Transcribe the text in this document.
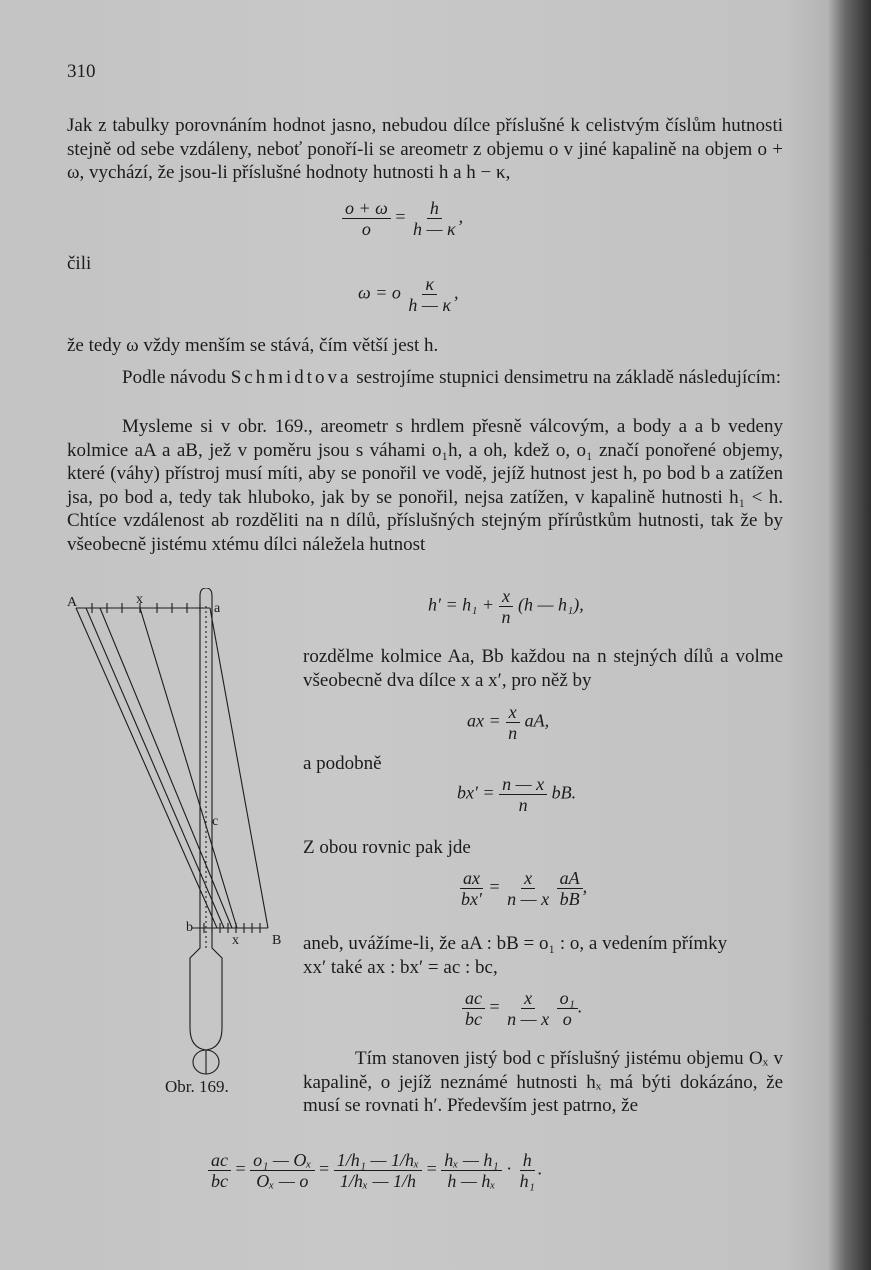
310
Jak z tabulky porovnáním hodnot jasno, nebudou dílce příslušné k celistvým číslům hutnosti stejně od sebe vzdáleny, neboť ponoří-li se areometr z objemu o v jiné kapalině na objem o + ω, vychází, že jsou-li příslušné hodnoty hutnosti h a h − κ,
$\frac{o + \omega}{o} = \frac{h}{h — \kappa}$ ,
čili
ω = o $\frac{\kappa}{h — \kappa}$ ,
že tedy ω vždy menším se stává, čím větší jest h.
Podle návodu Schmidtova sestrojíme stupnici densimetru na základě následujícím:
Mysleme si v obr. 169., areometr s hrdlem přesně válcovým, a body a a b vedeny kolmice aA a aB, jež v poměru jsou s váhami o₁h, a oh, kdež o, o₁ značí ponořené objemy, které (váhy) přístroj musí míti, aby se ponořil ve vodě, jejíž hutnost jest h, po bod b a zatížen jsa, po bod a, tedy tak hluboko, jak by se ponořil, nejsa zatížen, v kapalině hutnosti h₁ < h. Chtíce vzdálenost ab rozděliti na n dílů, příslušných stejným přírůstkům hutnosti, tak že by všeobecně jistému xtému dílci náležela hutnost
A	x
a
c
b
x B
Obr. 169.
$h' = h_1 + \frac{x}{n} (h$ — h₁),
rozdělme kolmice Aa, Bb každou na n stejných dílů a volme všeobecně dva dílce x a x′, pro něž by
ax = $\frac{x}{n}$ aA,
a podobně
$bx' = \frac{n — x}{n}$ bB.
Z obou rovnic pak jde
$\frac{ax}{bx'} = \frac{x}{n — x}$
$\frac{aA}{bB}$ ,
aneb, uvážíme-li, že aA : bB = o₁ : o, a vedením přímky
xx′ také ax : bx′ = ac : bc,
$\frac{ac}{bc} = \frac{x}{n — x}$
$\frac{\text{o₁}}{o}$ .
Tím stanoven jistý bod c příslušný jistému objemu Oₓ v kapalině, o jejíž neznámé hutnosti hₓ má býti dokázáno, že musí se rovnati h′. Především jest patrno, že
$\frac{ac}{bc} = \frac{\text{o₁ — Oₓ}}{\text{Oₓ — o}} = \frac{\text{1/h₁ — 1/hₓ}}{\text{1/hₓ — 1/h}} = \frac{\text{hₓ — h₁}}{\text{h — hₓ}} \cdot \frac{h}{\text{h₁}}$ .
